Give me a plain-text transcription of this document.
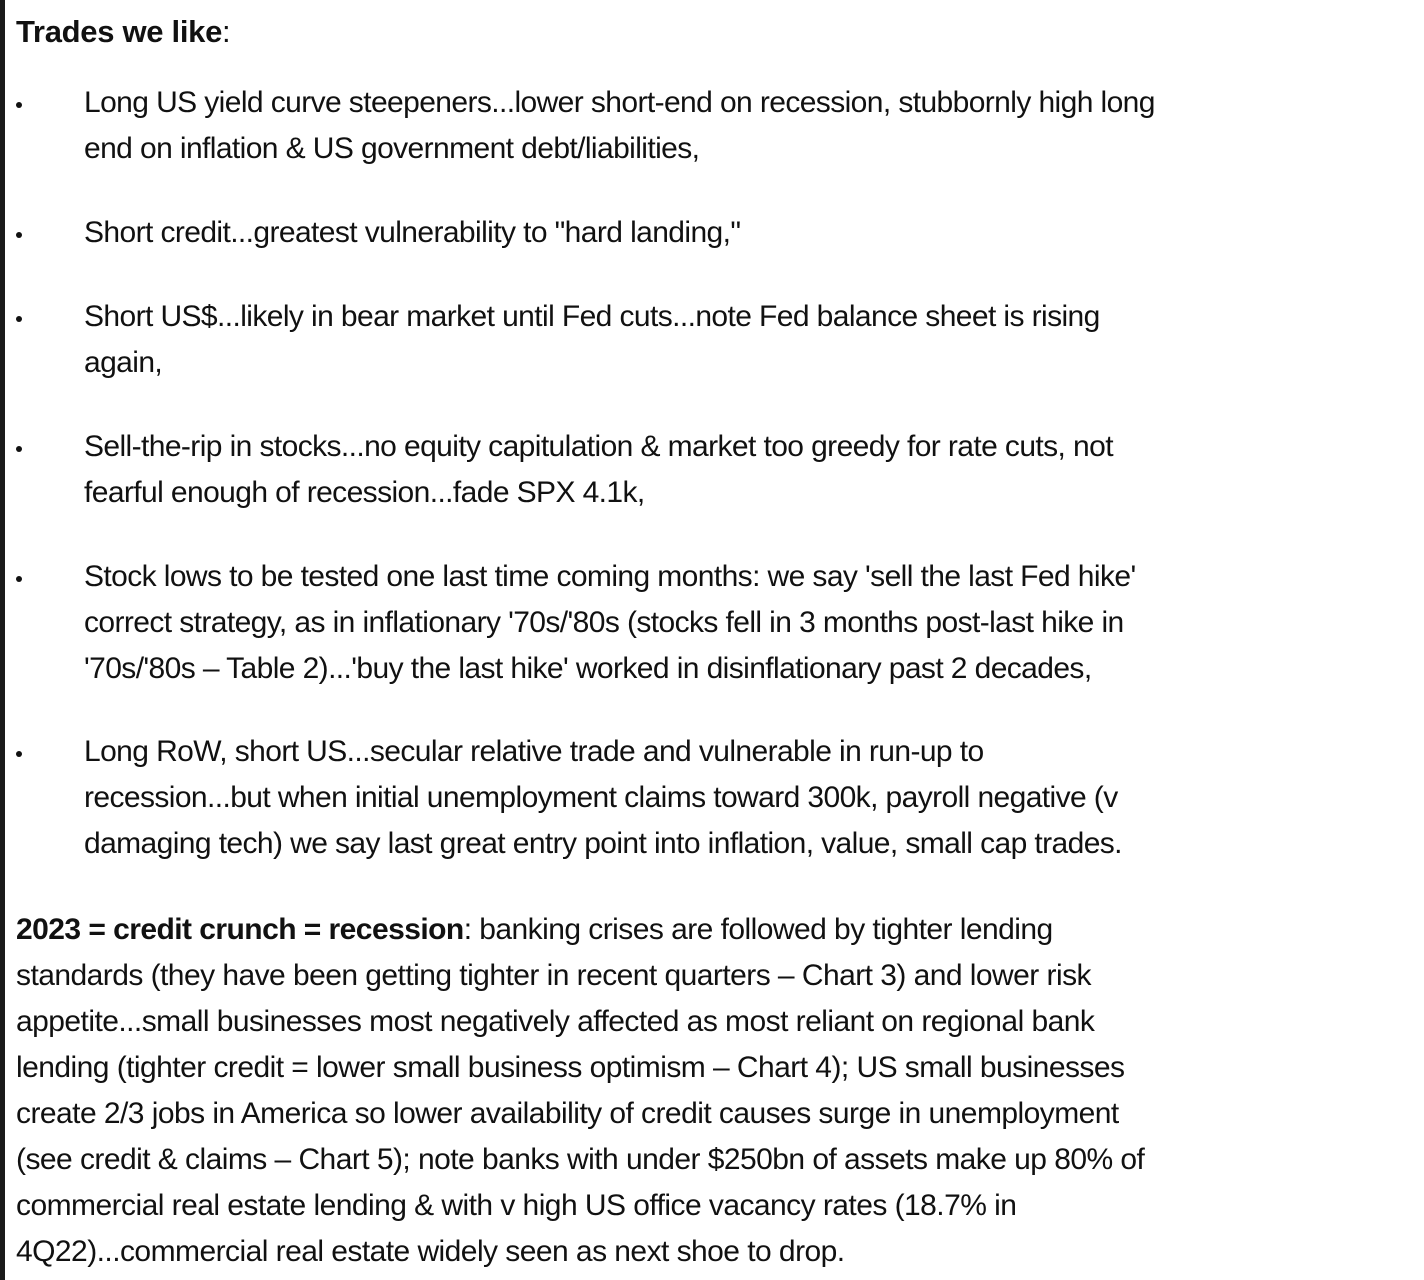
Trades we like:
Long US yield curve steepeners...lower short-end on recession, stubbornly high long
end on inflation & US government debt/liabilities,
Short credit...greatest vulnerability to "hard landing,"
Short US$...likely in bear market until Fed cuts...note Fed balance sheet is rising
again,
Sell-the-rip in stocks...no equity capitulation & market too greedy for rate cuts, not
fearful enough of recession...fade SPX 4.1k,
Stock lows to be tested one last time coming months: we say 'sell the last Fed hike'
correct strategy, as in inflationary '70s/'80s (stocks fell in 3 months post-last hike in
'70s/'80s – Table 2)...'buy the last hike' worked in disinflationary past 2 decades,
Long RoW, short US...secular relative trade and vulnerable in run-up to
recession...but when initial unemployment claims toward 300k, payroll negative (v
damaging tech) we say last great entry point into inflation, value, small cap trades.
2023 = credit crunch = recession: banking crises are followed by tighter lending
standards (they have been getting tighter in recent quarters – Chart 3) and lower risk
appetite...small businesses most negatively affected as most reliant on regional bank
lending (tighter credit = lower small business optimism – Chart 4); US small businesses
create 2/3 jobs in America so lower availability of credit causes surge in unemployment
(see credit & claims – Chart 5); note banks with under $250bn of assets make up 80% of
commercial real estate lending & with v high US office vacancy rates (18.7% in
4Q22)...commercial real estate widely seen as next shoe to drop.
